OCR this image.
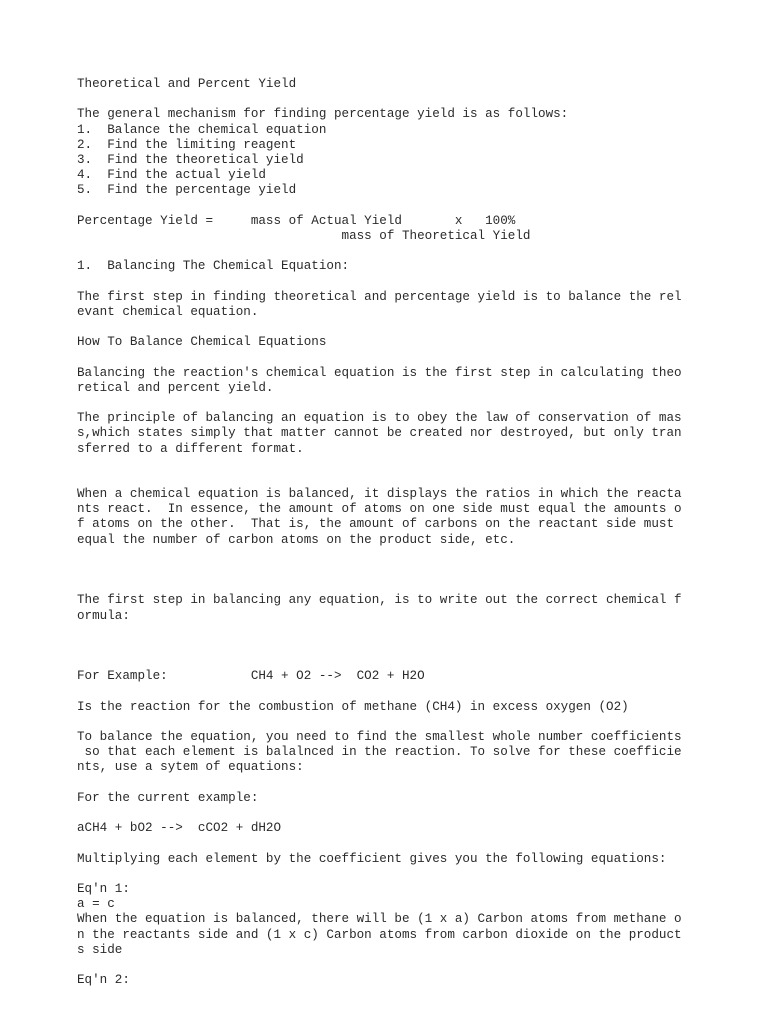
Theoretical and Percent Yield
The general mechanism for finding percentage yield is as follows:
1.  Balance the chemical equation
2.  Find the limiting reagent
3.  Find the theoretical yield
4.  Find the actual yield
5.  Find the percentage yield
Percentage Yield =     mass of Actual Yield       x   100%
mass of Theoretical Yield
1.  Balancing The Chemical Equation:
The first step in finding theoretical and percentage yield is to balance the rel
evant chemical equation.
How To Balance Chemical Equations
Balancing the reaction's chemical equation is the first step in calculating theo
retical and percent yield.
The principle of balancing an equation is to obey the law of conservation of mas
s,which states simply that matter cannot be created nor destroyed, but only tran
sferred to a different format.
When a chemical equation is balanced, it displays the ratios in which the reacta
nts react.  In essence, the amount of atoms on one side must equal the amounts o
f atoms on the other.  That is, the amount of carbons on the reactant side must
equal the number of carbon atoms on the product side, etc.
The first step in balancing any equation, is to write out the correct chemical f
ormula:
For Example:           CH4 + O2 -->  CO2 + H2O
Is the reaction for the combustion of methane (CH4) in excess oxygen (O2)
To balance the equation, you need to find the smallest whole number coefficients
so that each element is balalnced in the reaction. To solve for these coefficie
nts, use a sytem of equations:
For the current example:
aCH4 + bO2 -->  cCO2 + dH2O
Multiplying each element by the coefficient gives you the following equations:
Eq'n 1:
a = c
When the equation is balanced, there will be (1 x a) Carbon atoms from methane o
n the reactants side and (1 x c) Carbon atoms from carbon dioxide on the product
s side
Eq'n 2:
